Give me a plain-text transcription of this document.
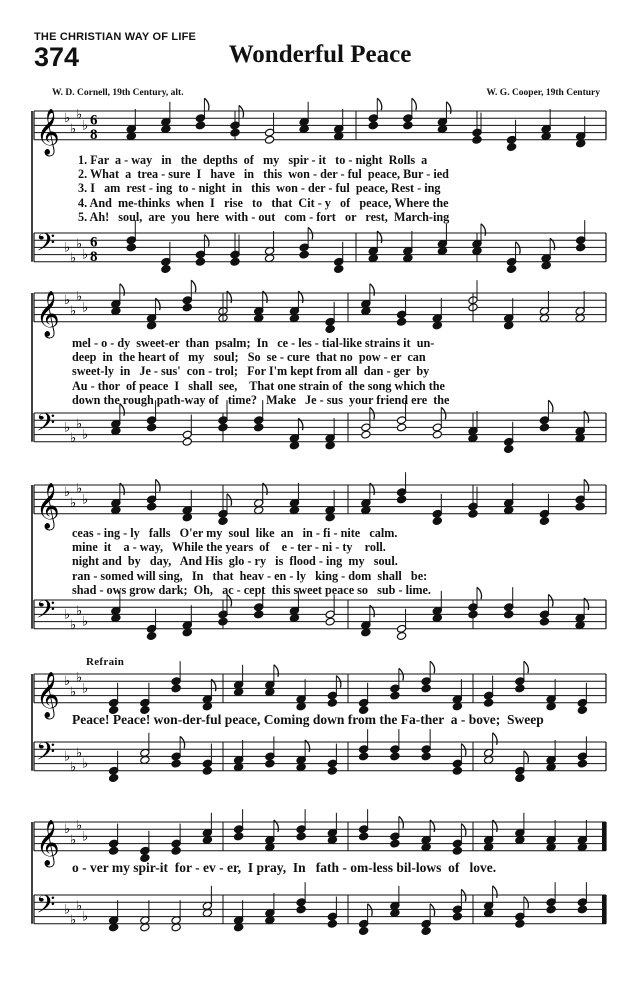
THE CHRISTIAN WAY OF LIFE
374	Wonderful Peace
W. D. Cornell, 19th Century, alt.	W. G. Cooper, 19th Century
Refrain
𝄞 ♭
♭
♭
♭ 6
8
𝄢 ♭
♭
♭
♭
6
8
𝄞 ♭
♭
♭
♭
𝄢 ♭
♭
♭
♭
𝄞 ♭
♭
♭
♭
𝄢 ♭
♭
♭
♭
𝄞 ♭
♭
♭
♭
𝄢 ♭
♭
♭
♭
𝄞 ♭
♭
♭
♭
𝄢 ♭
♭
♭
♭
1. Far  a - way   in   the  depths  of   my   spir - it   to - night  Rolls  a
2. What  a  trea - sure  I   have   in   this  won - der - ful  peace, Bur - ied
3. I   am  rest - ing  to - night  in   this  won - der - ful  peace, Rest - ing
4. And  me-thinks  when  I   rise   to   that  Cit - y   of   peace, Where the
5. Ah!   soul,  are  you  here  with - out   com - fort   or   rest,  March-ing
mel - o - dy  sweet-er  than  psalm;  In   ce - les - tial-like strains it  un-
deep  in  the heart of   my   soul;   So  se - cure  that no  pow - er  can
sweet-ly  in   Je - sus'  con - trol;   For I'm kept from all  dan - ger  by
Au - thor  of peace  I   shall  see,    That one strain of  the song which the
down the rough path-way of   time?   Make   Je - sus  your friend ere  the
ceas - ing - ly   falls   O'er my  soul  like  an   in - fi - nite   calm.
mine  it    a - way,   While the years  of    e - ter - ni - ty    roll.
night and  by   day,   And His  glo - ry   is  flood - ing  my   soul.
ran - somed will sing,   In   that  heav - en - ly   king - dom  shall   be:
shad - ows grow dark;  Oh,   ac - cept  this sweet peace so   sub - lime.
Peace! Peace! won-der-ful peace, Coming down from the Fa-ther  a - bove;  Sweep
o - ver my spir-it  for - ev - er,  I pray,  In   fath - om-less bil-lows  of   love.
